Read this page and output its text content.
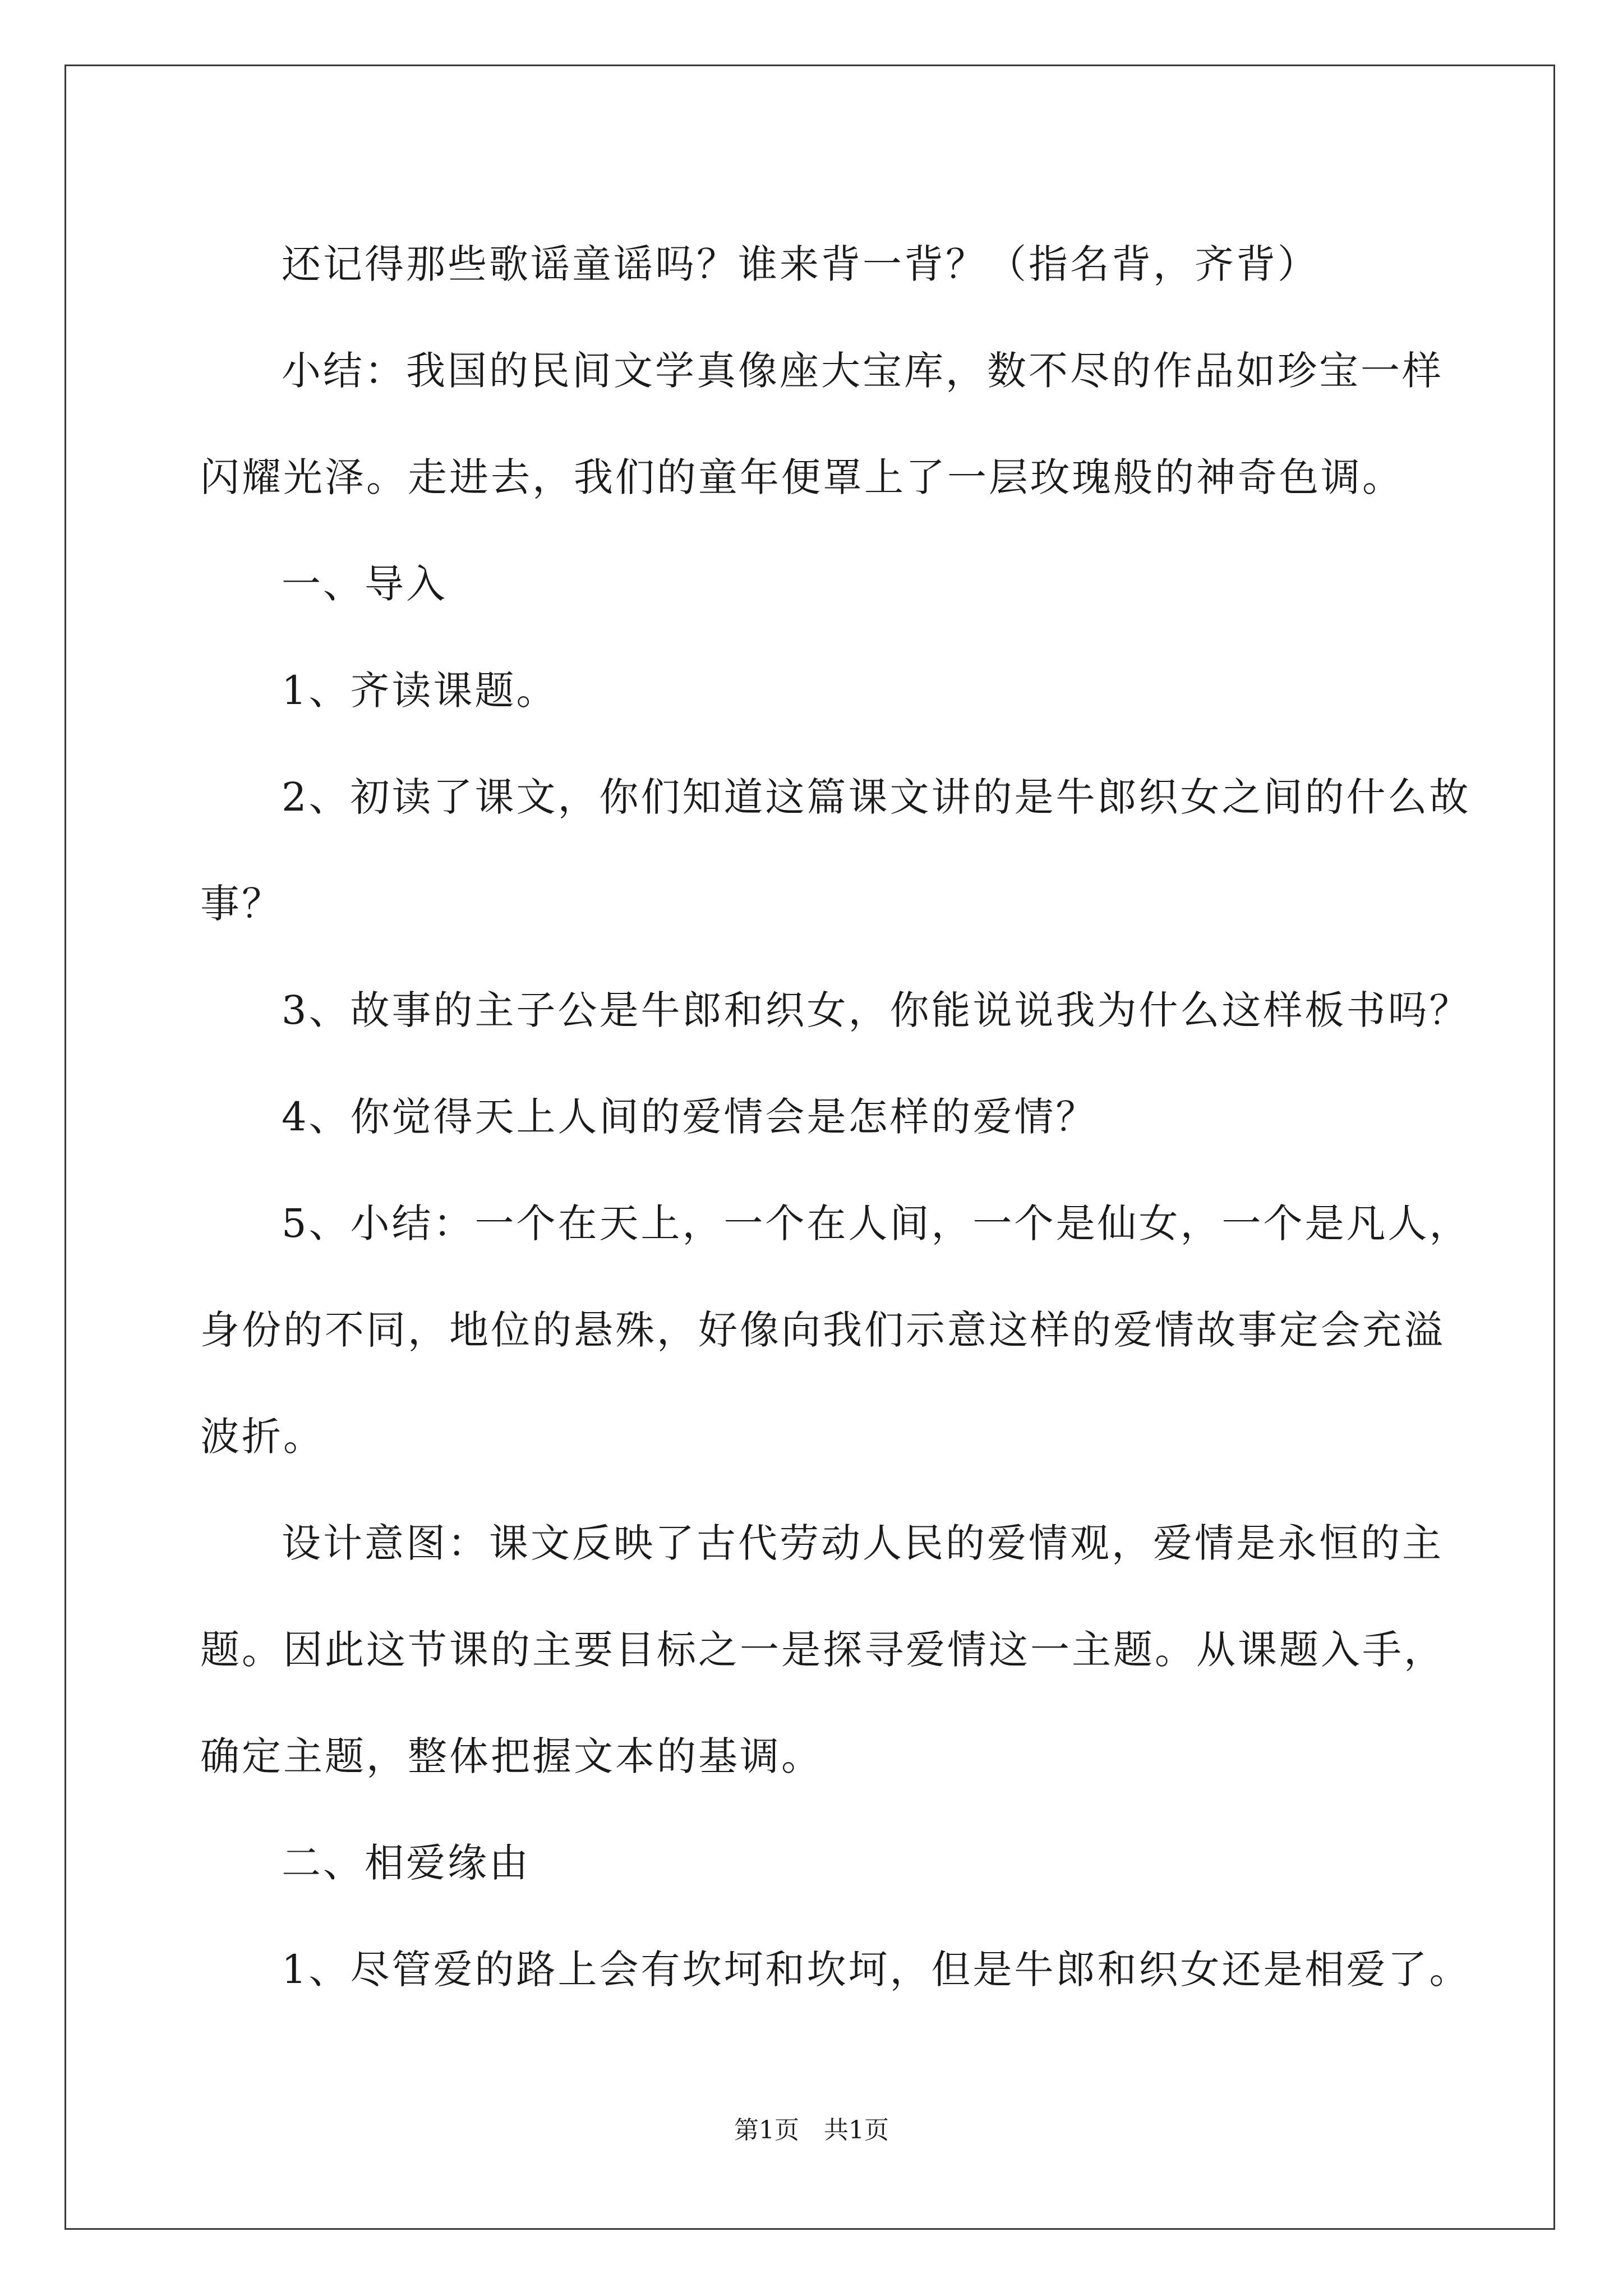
还记得那些歌谣童谣吗？谁来背一背？（指名背，齐背）

小结：我国的民间文学真像座大宝库，数不尽的作品如珍宝一样

闪耀光泽。走进去，我们的童年便罩上了一层玫瑰般的神奇色调。

一、导入

1、齐读课题。

2、初读了课文，你们知道这篇课文讲的是牛郎织女之间的什么故

事？

3、故事的主子公是牛郎和织女，你能说说我为什么这样板书吗？

4、你觉得天上人间的爱情会是怎样的爱情？

5、小结：一个在天上，一个在人间，一个是仙女，一个是凡人，

身份的不同，地位的悬殊，好像向我们示意这样的爱情故事定会充溢

波折。

设计意图：课文反映了古代劳动人民的爱情观，爱情是永恒的主

题。因此这节课的主要目标之一是探寻爱情这一主题。从课题入手，

确定主题，整体把握文本的基调。

二、相爱缘由

1、尽管爱的路上会有坎坷和坎坷，但是牛郎和织女还是相爱了。

第1页　共1页
